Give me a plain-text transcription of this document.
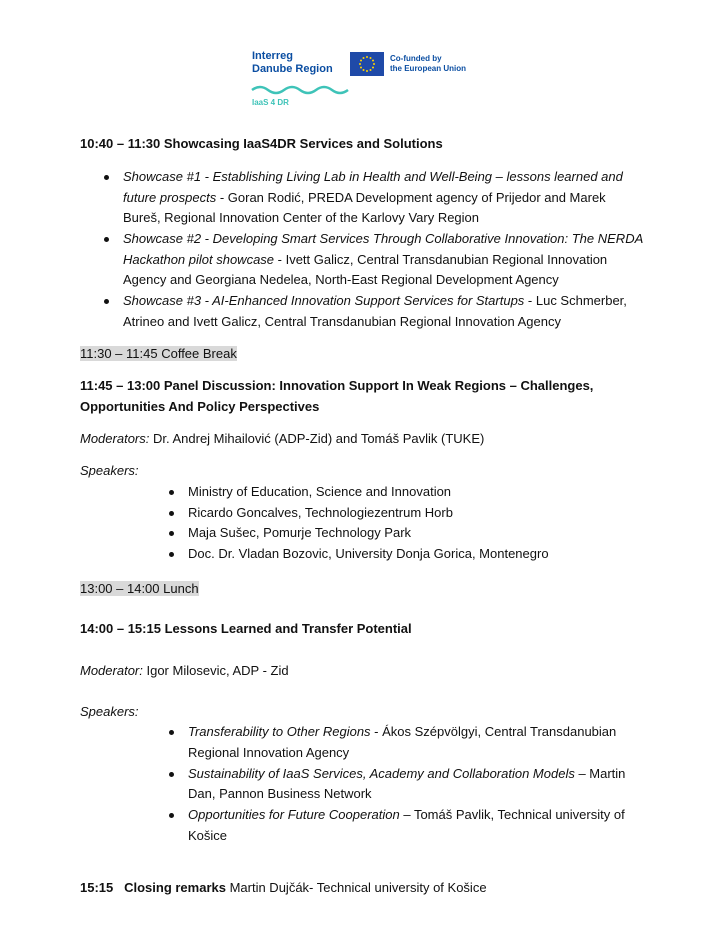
Interreg
Danube Region
Co-funded by
the European Union
IaaS 4 DR
10:40 – 11:30 Showcasing IaaS4DR Services and Solutions
Showcase #1 - Establishing Living Lab in Health and Well-Being – lessons learned and
future prospects - Goran Rodić, PREDA Development agency of Prijedor and Marek
Bureš, Regional Innovation Center of the Karlovy Vary Region
Showcase #2 - Developing Smart Services Through Collaborative Innovation: The NERDA
Hackathon pilot showcase - Ivett Galicz, Central Transdanubian Regional Innovation
Agency and Georgiana Nedelea, North-East Regional Development Agency
Showcase #3 - AI-Enhanced Innovation Support Services for Startups - Luc Schmerber,
Atrineo and Ivett Galicz, Central Transdanubian Regional Innovation Agency
11:30 – 11:45 Coffee Break
11:45 – 13:00 Panel Discussion: Innovation Support In Weak Regions – Challenges,
Opportunities And Policy Perspectives
Moderators: Dr. Andrej Mihailović (ADP-Zid) and Tomáš Pavlik (TUKE)
Speakers:
Ministry of Education, Science and Innovation
Ricardo Goncalves, Technologiezentrum Horb
Maja Sušec, Pomurje Technology Park
Doc. Dr. Vladan Bozovic, University Donja Gorica, Montenegro
13:00 – 14:00 Lunch
14:00 – 15:15 Lessons Learned and Transfer Potential
Moderator: Igor Milosevic, ADP - Zid
Speakers:
Transferability to Other Regions - Ákos Szépvölgyi, Central Transdanubian
Regional Innovation Agency
Sustainability of IaaS Services, Academy and Collaboration Models – Martin
Dan, Pannon Business Network
Opportunities for Future Cooperation – Tomáš Pavlik, Technical university of
Košice
15:15 Closing remarks Martin Dujčák- Technical university of Košice
